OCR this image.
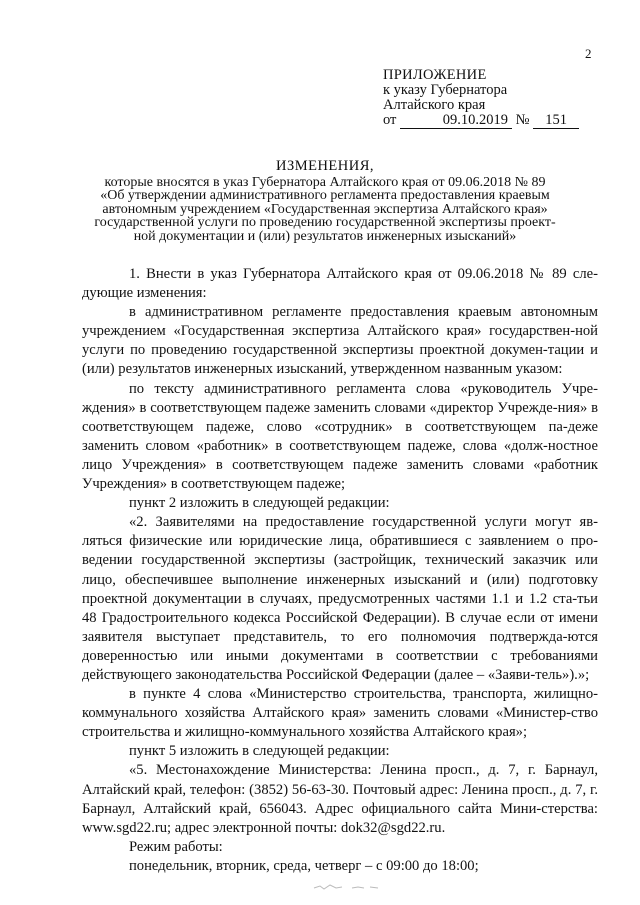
2
ПРИЛОЖЕНИЕ
к указу Губернатора
Алтайского края
от	09.10.2019 № 151
ИЗМЕНЕНИЯ,
которые вносятся в указ Губернатора Алтайского края от 09.06.2018 № 89
«Об утверждении административного регламента предоставления краевым
автономным учреждением «Государственная экспертиза Алтайского края»
государственной услуги по проведению государственной экспертизы проект-
ной документации и (или) результатов инженерных изысканий»

1. Внести в указ Губернатора Алтайского края от 09.06.2018 № 89 сле-дующие изменения:

в административном регламенте предоставления краевым автономным учреждением «Государственная экспертиза Алтайского края» государствен-ной услуги по проведению государственной экспертизы проектной докумен-тации и (или) результатов инженерных изысканий, утвержденном названным указом:

по тексту административного регламента слова «руководитель Учре-ждения» в соответствующем падеже заменить словами «директор Учрежде-ния» в соответствующем падеже, слово «сотрудник» в соответствующем па-деже заменить словом «работник» в соответствующем падеже, слова «долж-ностное лицо Учреждения» в соответствующем падеже заменить словами «работник Учреждения» в соответствующем падеже;

пункт 2 изложить в следующей редакции:

«2. Заявителями на предоставление государственной услуги могут яв-ляться физические или юридические лица, обратившиеся с заявлением о про-ведении государственной экспертизы (застройщик, технический заказчик или лицо, обеспечившее выполнение инженерных изысканий и (или) подготовку проектной документации в случаях, предусмотренных частями 1.1 и 1.2 ста-тьи 48 Градостроительного кодекса Российской Федерации). В случае если от имени заявителя выступает представитель, то его полномочия подтвержда-ются доверенностью или иными документами в соответствии с требованиями действующего законодательства Российской Федерации (далее – «Заяви-тель»).»;

в пункте 4 слова «Министерство строительства, транспорта, жилищно-коммунального хозяйства Алтайского края» заменить словами «Министер-ство строительства и жилищно-коммунального хозяйства Алтайского края»;

пункт 5 изложить в следующей редакции:

«5. Местонахождение Министерства: Ленина просп., д. 7, г. Барнаул, Алтайский край, телефон: (3852) 56-63-30. Почтовый адрес: Ленина просп., д. 7, г. Барнаул, Алтайский край, 656043. Адрес официального сайта Мини-стерства: www.sgd22.ru; адрес электронной почты: dok32@sgd22.ru.

Режим работы:

понедельник, вторник, среда, четверг – с 09:00 до 18:00;
